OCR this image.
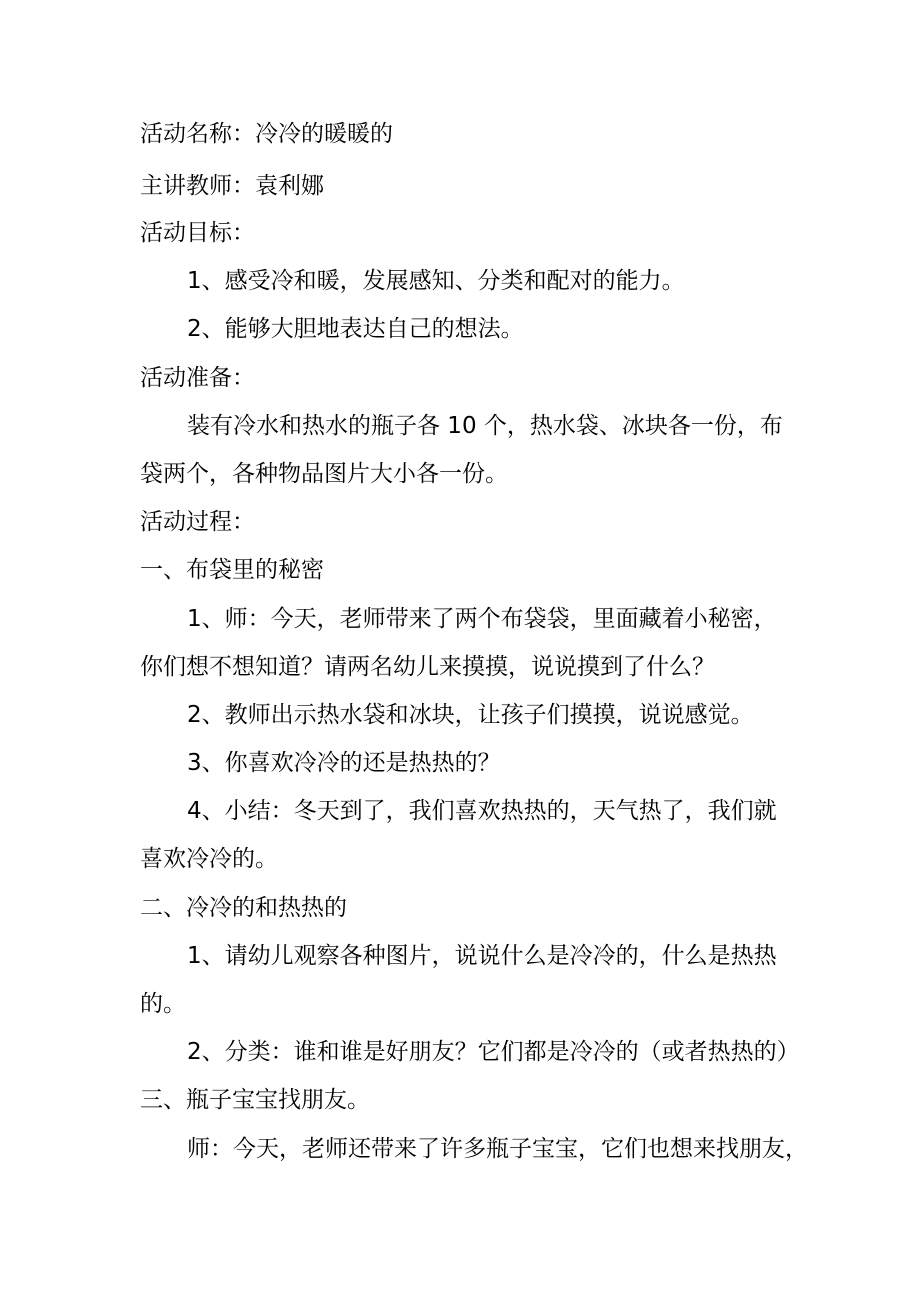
活动名称：冷冷的暖暖的
主讲教师：袁利娜
活动目标：
1、感受冷和暖，发展感知、分类和配对的能力。
2、能够大胆地表达自己的想法。
活动准备：
装有冷水和热水的瓶子各 10 个，热水袋、冰块各一份，布
袋两个，各种物品图片大小各一份。
活动过程：
一、布袋里的秘密
1、师：今天，老师带来了两个布袋袋，里面藏着小秘密，
你们想不想知道？请两名幼儿来摸摸，说说摸到了什么？
2、教师出示热水袋和冰块，让孩子们摸摸，说说感觉。
3、你喜欢冷冷的还是热热的？
4、小结：冬天到了，我们喜欢热热的，天气热了，我们就
喜欢冷冷的。
二、冷冷的和热热的
1、请幼儿观察各种图片，说说什么是冷冷的，什么是热热
的。
2、分类：谁和谁是好朋友？它们都是冷冷的（或者热热的）
三、瓶子宝宝找朋友。
师：今天，老师还带来了许多瓶子宝宝，它们也想来找朋友，
